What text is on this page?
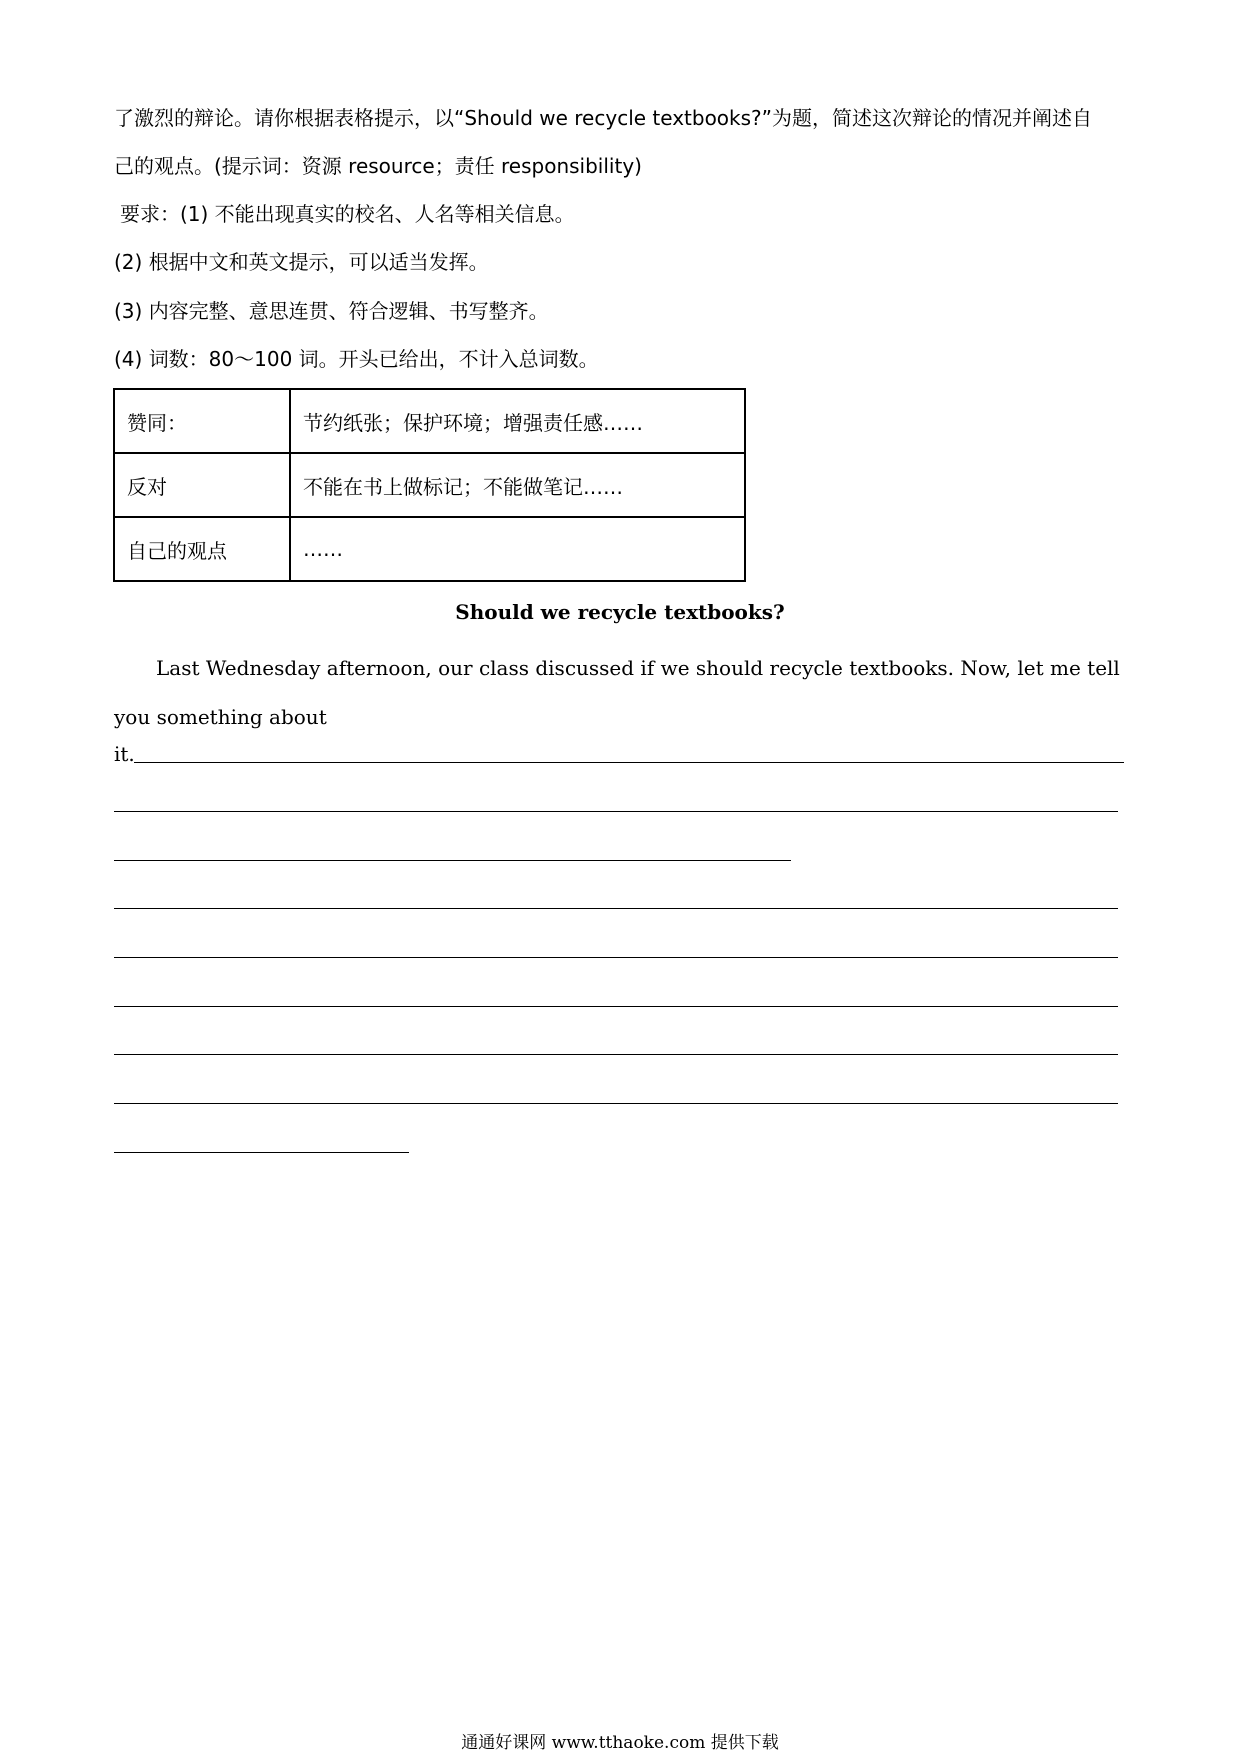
了激烈的辩论。请你根据表格提示，以“Should we recycle textbooks?”为题，简述这次辩论的情况并阐述自
己的观点。(提示词：资源 resource；责任 responsibility)
要求：(1) 不能出现真实的校名、人名等相关信息。
(2) 根据中文和英文提示，可以适当发挥。
(3) 内容完整、意思连贯、符合逻辑、书写整齐。
(4) 词数：80～100 词。开头已给出，不计入总词数。
赞同：	节约纸张；保护环境；增强责任感……
反对	不能在书上做标记；不能做笔记……
自己的观点	……
Should we recycle textbooks?
Last Wednesday afternoon, our class discussed if we should recycle textbooks. Now, let me tell you something about
it.
通通好课网 www.tthaoke.com 提供下载
